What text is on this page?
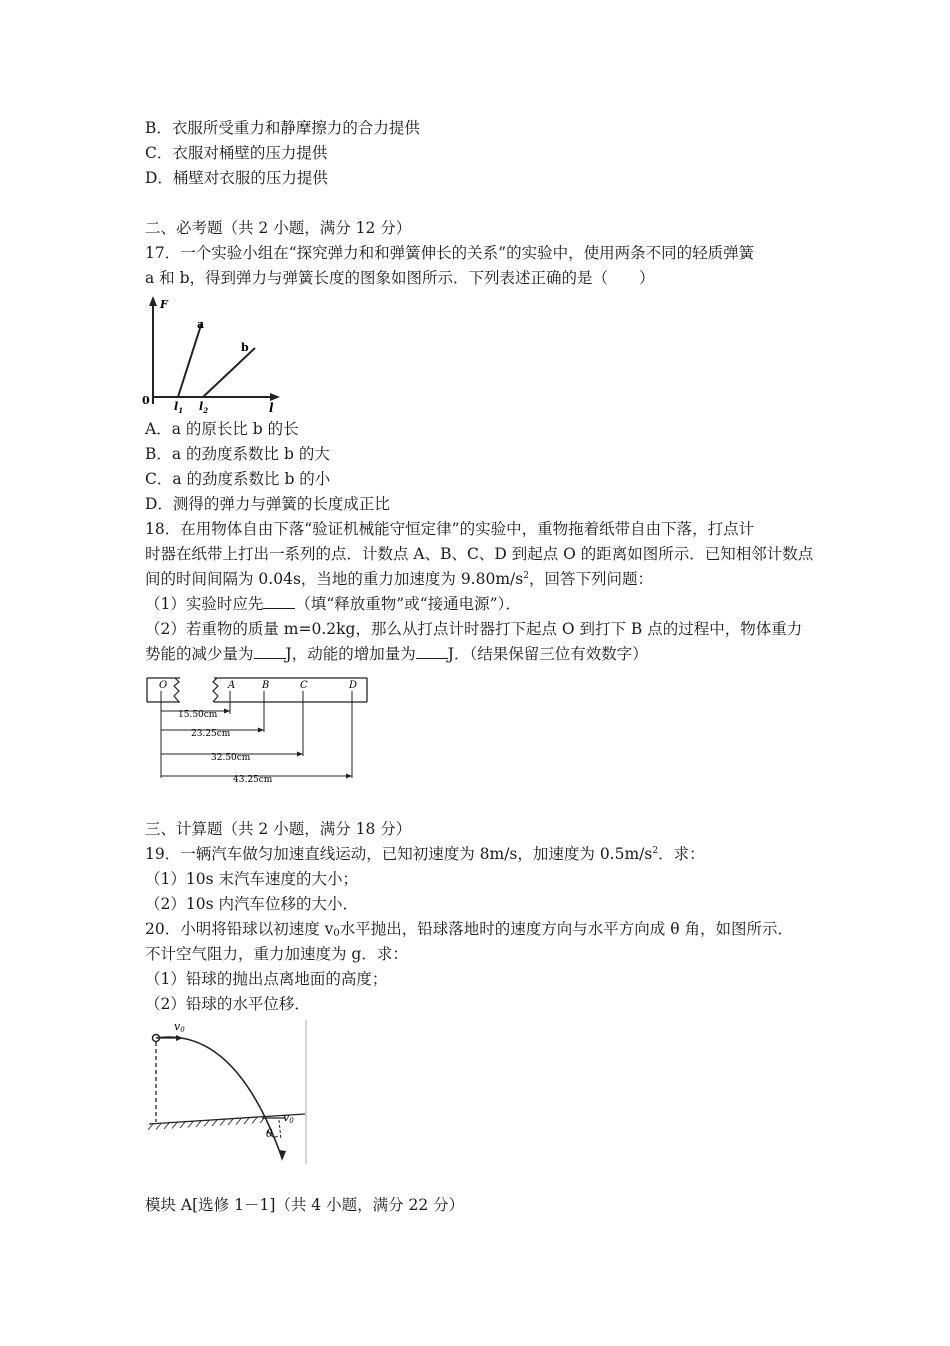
B．衣服所受重力和静摩擦力的合力提供
C．衣服对桶壁的压力提供
D．桶壁对衣服的压力提供
二、必考题（共 2 小题，满分 12 分）
17．一个实验小组在“探究弹力和和弹簧伸长的关系”的实验中，使用两条不同的轻质弹簧
a 和 b，得到弹力与弹簧长度的图象如图所示．下列表述正确的是（　　）
F
l
0
a
b
$l_1$ $l_2$
A．a 的原长比 b 的长
B．a 的劲度系数比 b 的大
C．a 的劲度系数比 b 的小
D．测得的弹力与弹簧的长度成正比
18．在用物体自由下落“验证机械能守恒定律”的实验中，重物拖着纸带自由下落，打点计
时器在纸带上打出一系列的点．计数点 A、B、C、D 到起点 O 的距离如图所示．已知相邻计数点
间的时间间隔为 0.04s，当地的重力加速度为 $9.80m/s^2$，回答下列问题：
（1）实验时应先 （填“释放重物”或“接通电源”）．
（2）若重物的质量 m=0.2kg，那么从打点计时器打下起点 O 到打下 B 点的过程中，物体重力
势能的减少量为 J，动能的增加量为 J．（结果保留三位有效数字）
O	A	B	C	D
15.50cm
23.25cm
32.50cm
43.25cm
三、计算题（共 2 小题，满分 18 分）
19．一辆汽车做匀加速直线运动，已知初速度为 8m/s，加速度为 $0.5m/s^2$．求：
（1）10s 末汽车速度的大小；
（2）10s 内汽车位移的大小．
20．小明将铅球以初速度 $v_0$水平抛出，铅球落地时的速度方向与水平方向成 θ 角，如图所示．
不计空气阻力，重力加速度为 g．求：
（1）铅球的抛出点离地面的高度；
（2）铅球的水平位移．
v0
θ
v0
模块 A[选修 1－1]（共 4 小题，满分 22 分）
